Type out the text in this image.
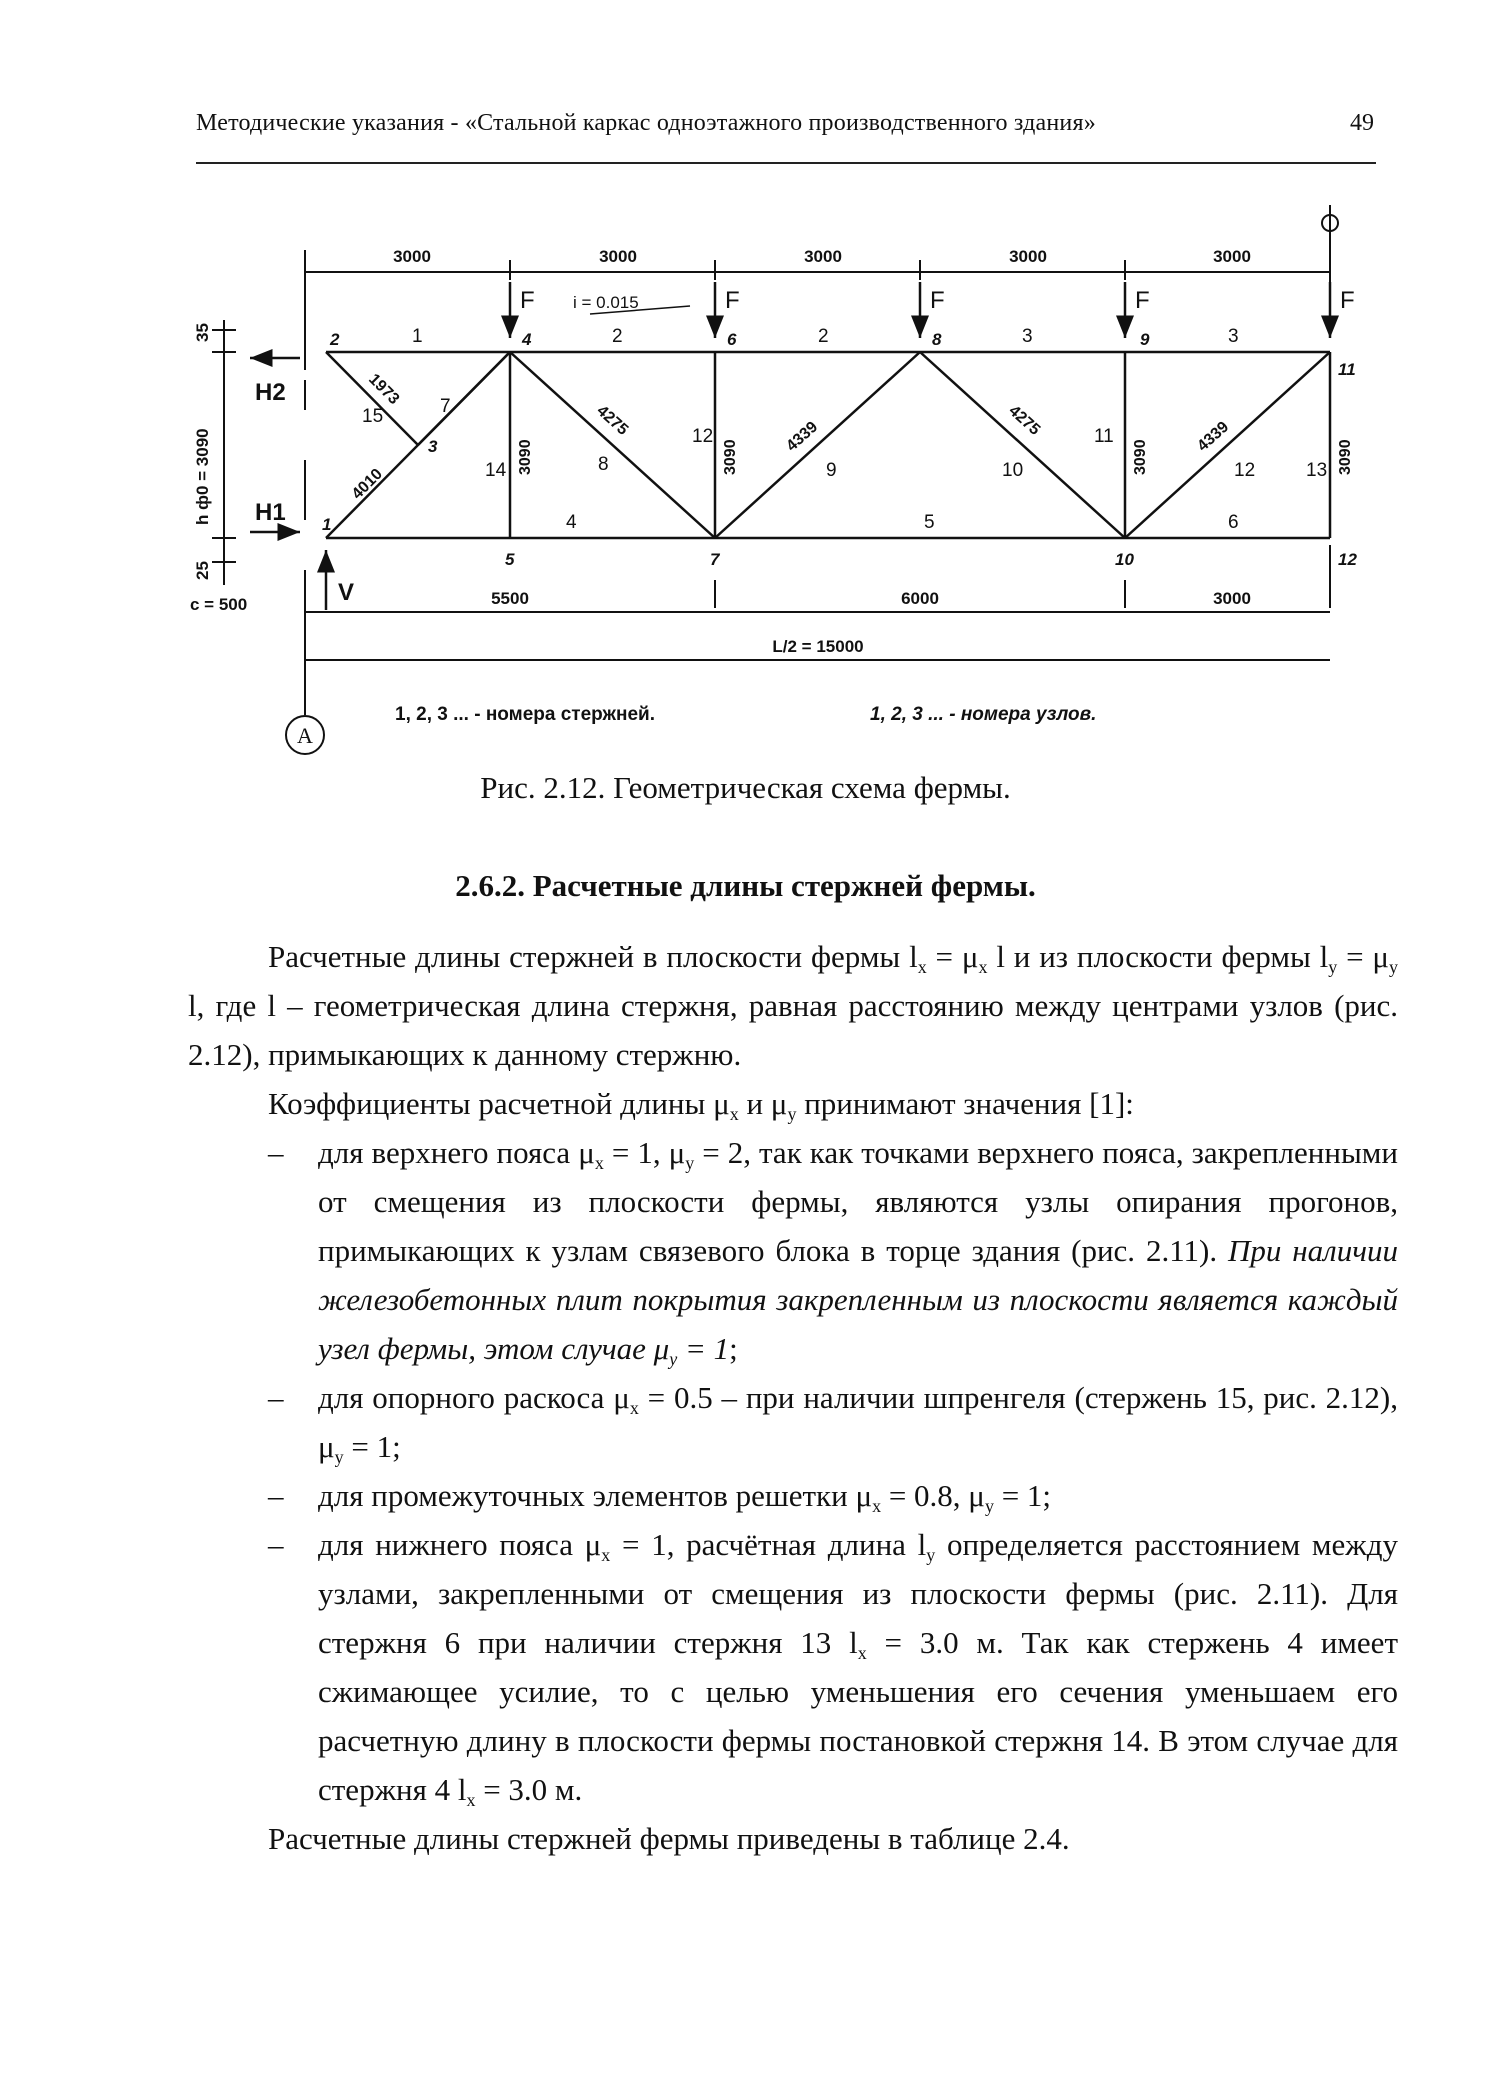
Методические указания - «Стальной каркас одноэтажного производственного здания»	49
3000	3000	3000	3000	3000
i = 0.015
F	F	F	F	F
2	4	6	8	9
11
3
1
5	7	10	12
1	2	2	3	3
4	5	6
7
8	9	10
11
12
12	13
14
15
1973
4010
4275	4339	4275	4339
3090	3090	3090	3090
35
h ф0 = 3090
25
H2
H1
V
c = 500	5500	6000	3000
L/2 = 15000
A
1, 2, 3 ... - номера стержней.	1, 2, 3 ... - номера узлов.
Рис. 2.12. Геометрическая схема фермы.
2.6.2. Расчетные длины стержней фермы.

Расчетные длины стержней в плоскости фермы $l_x = \mu_x$ l и из плоскости фермы $l_y = \mu_y$ l, где l – геометрическая длина стержня, равная расстоянию между центрами узлов (рис. 2.12), примыкающих к данному стержню.

Коэффициенты расчетной длины $\mu_x$ и $\mu_y$ принимают значения [1]:

– для верхнего пояса $\mu_x = 1$, $\mu_y = 2$, так как точками верхнего пояса, закрепленными от смещения из плоскости фермы, являются узлы опирания прогонов, примыкающих к узлам связевого блока в торце здания (рис. 2.11). При наличии железобетонных плит покрытия закрепленным из плоскости является каждый узел фермы, этом случае $\mu_y = 1$;
– для опорного раскоса $\mu_x = 0.5$ – при наличии шпренгеля (стержень 15, рис. 2.12), $\mu_y = 1$;
– для промежуточных элементов решетки $\mu_x = 0.8$, $\mu_y = 1$;
– для нижнего пояса $\mu_x = 1$, расчётная длина $l_y$ определяется расстоянием между узлами, закрепленными от смещения из плоскости фермы (рис. 2.11). Для стержня 6 при наличии стержня 13 $l_x = 3.0$ м. Так как стержень 4 имеет сжимающее усилие, то с целью уменьшения его сечения уменьшаем его расчетную длину в плоскости фермы постановкой стержня 14. В этом случае для стержня 4 $l_x = 3.0$ м.

Расчетные длины стержней фермы приведены в таблице 2.4.
